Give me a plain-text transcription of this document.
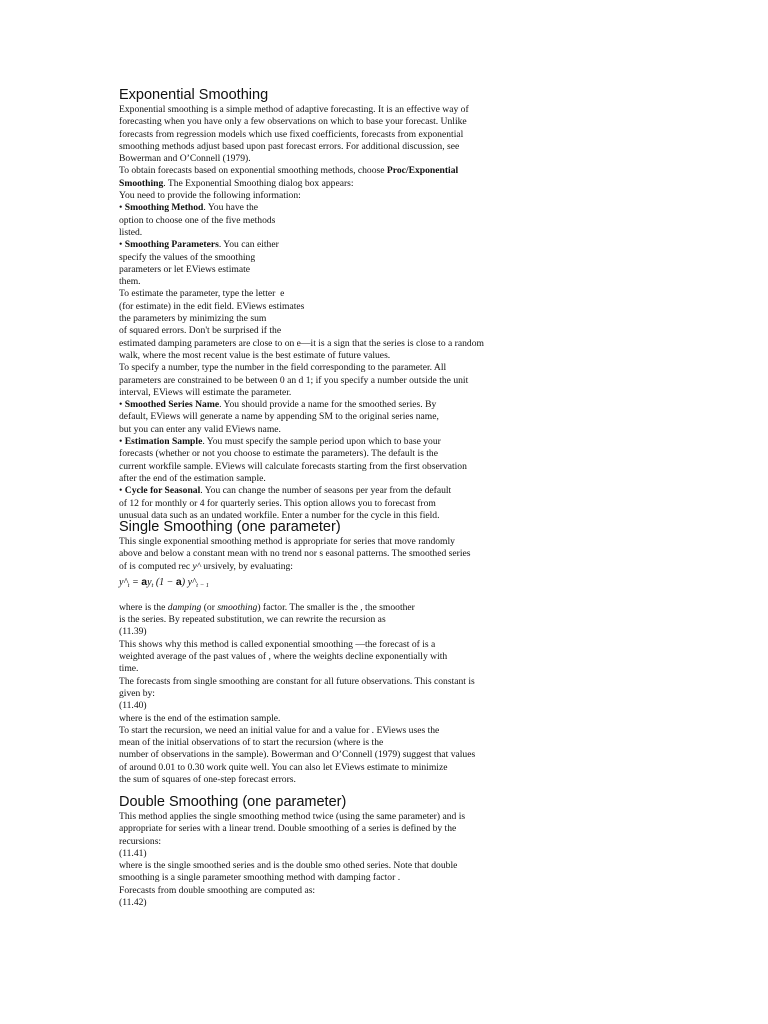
Exponential Smoothing
Exponential smoothing is a simple method of adaptive forecasting. It is an effective way of
forecasting when you have only a few observations on which to base your forecast. Unlike
forecasts from regression models which use fixed coefficients, forecasts from exponential
smoothing methods adjust based upon past forecast errors. For additional discussion, see
Bowerman and O’Connell (1979).
To obtain forecasts based on exponential smoothing methods, choose Proc/Exponential
Smoothing. The Exponential Smoothing dialog box appears:
You need to provide the following information:
• Smoothing Method. You have the
option to choose one of the five methods
listed.
• Smoothing Parameters. You can either
specify the values of the smoothing
parameters or let EViews estimate
them.
To estimate the parameter, type the letter e
(for estimate) in the edit field. EViews estimates
the parameters by minimizing the sum
of squared errors. Don't be surprised if the
estimated damping parameters are close to on e—it is a sign that the series is close to a random
walk, where the most recent value is the best estimate of future values.
To specify a number, type the number in the field corresponding to the parameter. All
parameters are constrained to be between 0 an d 1; if you specify a number outside the unit
interval, EViews will estimate the parameter.
• Smoothed Series Name. You should provide a name for the smoothed series. By
default, EViews will generate a name by appending SM to the original series name,
but you can enter any valid EViews name.
• Estimation Sample. You must specify the sample period upon which to base your
forecasts (whether or not you choose to estimate the parameters). The default is the
current workfile sample. EViews will calculate forecasts starting from the first observation
after the end of the estimation sample.
• Cycle for Seasonal. You can change the number of seasons per year from the default
of 12 for monthly or 4 for quarterly series. This option allows you to forecast from
unusual data such as an undated workfile. Enter a number for the cycle in this field.
Single Smoothing (one parameter)
This single exponential smoothing method is appropriate for series that move randomly
above and below a constant mean with no trend nor s easonal patterns. The smoothed series
of is computed rec y^ ursively, by evaluating:
$y\^{}_t = ay_t$ (1 − a) $y\^{}_{t - 1}$
where is the damping (or smoothing) factor. The smaller is the , the smoother
is the series. By repeated substitution, we can rewrite the recursion as
(11.39)
This shows why this method is called exponential smoothing —the forecast of is a
weighted average of the past values of , where the weights decline exponentially with
time.
The forecasts from single smoothing are constant for all future observations. This constant is
given by:
(11.40)
where is the end of the estimation sample.
To start the recursion, we need an initial value for and a value for . EViews uses the
mean of the initial observations of to start the recursion (where is the
number of observations in the sample). Bowerman and O’Connell (1979) suggest that values
of around 0.01 to 0.30 work quite well. You can also let EViews estimate to minimize
the sum of squares of one-step forecast errors.
Double Smoothing (one parameter)
This method applies the single smoothing method twice (using the same parameter) and is
appropriate for series with a linear trend. Double smoothing of a series is defined by the
recursions:
(11.41)
where is the single smoothed series and is the double smo othed series. Note that double
smoothing is a single parameter smoothing method with damping factor .
Forecasts from double smoothing are computed as:
(11.42)
